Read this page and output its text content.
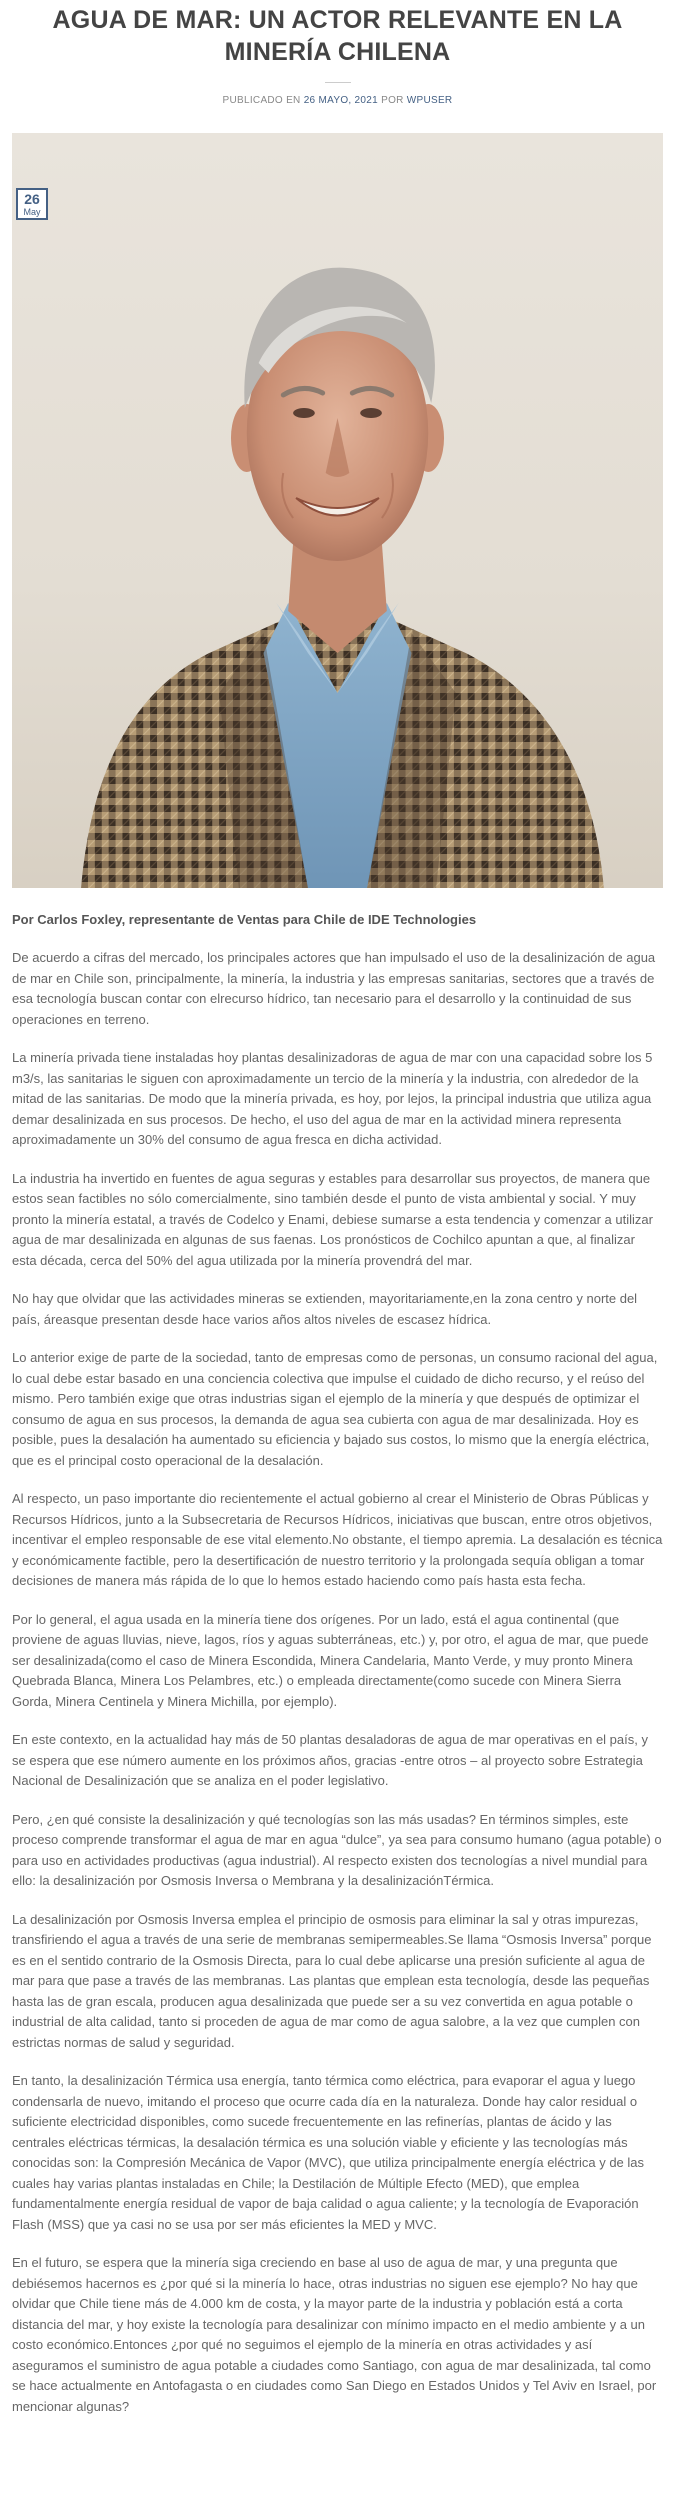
AGUA DE MAR: UN ACTOR RELEVANTE EN LA MINERÍA CHILENA
PUBLICADO EN 26 MAYO, 2021 POR WPUSER
26
May

Por Carlos Foxley, representante de Ventas para Chile de IDE Technologies

De acuerdo a cifras del mercado, los principales actores que han impulsado el uso de la desalinización de agua de mar en Chile son, principalmente, la minería, la industria y las empresas sanitarias, sectores que a través de esa tecnología buscan contar con elrecurso hídrico, tan necesario para el desarrollo y la continuidad de sus operaciones en terreno.

La minería privada tiene instaladas hoy plantas desalinizadoras de agua de mar con una capacidad sobre los 5 m3/s, las sanitarias le siguen con aproximadamente un tercio de la minería y la industria, con alrededor de la mitad de las sanitarias. De modo que la minería privada, es hoy, por lejos, la principal industria que utiliza agua demar desalinizada en sus procesos. De hecho, el uso del agua de mar en la actividad minera representa aproximadamente un 30% del consumo de agua fresca en dicha actividad.

La industria ha invertido en fuentes de agua seguras y estables para desarrollar sus proyectos, de manera que estos sean factibles no sólo comercialmente, sino también desde el punto de vista ambiental y social. Y muy pronto la minería estatal, a través de Codelco y Enami, debiese sumarse a esta tendencia y comenzar a utilizar agua de mar desalinizada en algunas de sus faenas. Los pronósticos de Cochilco apuntan a que, al finalizar esta década, cerca del 50% del agua utilizada por la minería provendrá del mar.

No hay que olvidar que las actividades mineras se extienden, mayoritariamente,en la zona centro y norte del país, áreasque presentan desde hace varios años altos niveles de escasez hídrica.

Lo anterior exige de parte de la sociedad, tanto de empresas como de personas, un consumo racional del agua, lo cual debe estar basado en una conciencia colectiva que impulse el cuidado de dicho recurso, y el reúso del mismo. Pero también exige que otras industrias sigan el ejemplo de la minería y que después de optimizar el consumo de agua en sus procesos, la demanda de agua sea cubierta con agua de mar desalinizada. Hoy es posible, pues la desalación ha aumentado su eficiencia y bajado sus costos, lo mismo que la energía eléctrica, que es el principal costo operacional de la desalación.

Al respecto, un paso importante dio recientemente el actual gobierno al crear el Ministerio de Obras Públicas y Recursos Hídricos, junto a la Subsecretaria de Recursos Hídricos, iniciativas que buscan, entre otros objetivos, incentivar el empleo responsable de ese vital elemento.No obstante, el tiempo apremia. La desalación es técnica y económicamente factible, pero la desertificación de nuestro territorio y la prolongada sequía obligan a tomar decisiones de manera más rápida de lo que lo hemos estado haciendo como país hasta esta fecha.

Por lo general, el agua usada en la minería tiene dos orígenes. Por un lado, está el agua continental (que proviene de aguas lluvias, nieve, lagos, ríos y aguas subterráneas, etc.) y, por otro, el agua de mar, que puede ser desalinizada(como el caso de Minera Escondida, Minera Candelaria, Manto Verde, y muy pronto Minera Quebrada Blanca, Minera Los Pelambres, etc.) o empleada directamente(como sucede con Minera Sierra Gorda, Minera Centinela y Minera Michilla, por ejemplo).

En este contexto, en la actualidad hay más de 50 plantas desaladoras de agua de mar operativas en el país, y se espera que ese número aumente en los próximos años, gracias -entre otros – al proyecto sobre Estrategia Nacional de Desalinización que se analiza en el poder legislativo.

Pero, ¿en qué consiste la desalinización y qué tecnologías son las más usadas? En términos simples, este proceso comprende transformar el agua de mar en agua “dulce”, ya sea para consumo humano (agua potable) o para uso en actividades productivas (agua industrial). Al respecto existen dos tecnologías a nivel mundial para ello: la desalinización por Osmosis Inversa o Membrana y la desalinizaciónTérmica.

La desalinización por Osmosis Inversa emplea el principio de osmosis para eliminar la sal y otras impurezas, transfiriendo el agua a través de una serie de membranas semipermeables.Se llama “Osmosis Inversa” porque es en el sentido contrario de la Osmosis Directa, para lo cual debe aplicarse una presión suficiente al agua de mar para que pase a través de las membranas. Las plantas que emplean esta tecnología, desde las pequeñas hasta las de gran escala, producen agua desalinizada que puede ser a su vez convertida en agua potable o industrial de alta calidad, tanto si proceden de agua de mar como de agua salobre, a la vez que cumplen con estrictas normas de salud y seguridad.

En tanto, la desalinización Térmica usa energía, tanto térmica como eléctrica, para evaporar el agua y luego condensarla de nuevo, imitando el proceso que ocurre cada día en la naturaleza. Donde hay calor residual o suficiente electricidad disponibles, como sucede frecuentemente en las refinerías, plantas de ácido y las centrales eléctricas térmicas, la desalación térmica es una solución viable y eficiente y las tecnologías más conocidas son: la Compresión Mecánica de Vapor (MVC), que utiliza principalmente energía eléctrica y de las cuales hay varias plantas instaladas en Chile; la Destilación de Múltiple Efecto (MED), que emplea fundamentalmente energía residual de vapor de baja calidad o agua caliente; y la tecnología de Evaporación Flash (MSS) que ya casi no se usa por ser más eficientes la MED y MVC.

En el futuro, se espera que la minería siga creciendo en base al uso de agua de mar, y una pregunta que debiésemos hacernos es ¿por qué si la minería lo hace, otras industrias no siguen ese ejemplo? No hay que olvidar que Chile tiene más de 4.000 km de costa, y la mayor parte de la industria y población está a corta distancia del mar, y hoy existe la tecnología para desalinizar con mínimo impacto en el medio ambiente y a un costo económico.Entonces ¿por qué no seguimos el ejemplo de la minería en otras actividades y así aseguramos el suministro de agua potable a ciudades como Santiago, con agua de mar desalinizada, tal como se hace actualmente en Antofagasta o en ciudades como San Diego en Estados Unidos y Tel Aviv en Israel, por mencionar algunas?
